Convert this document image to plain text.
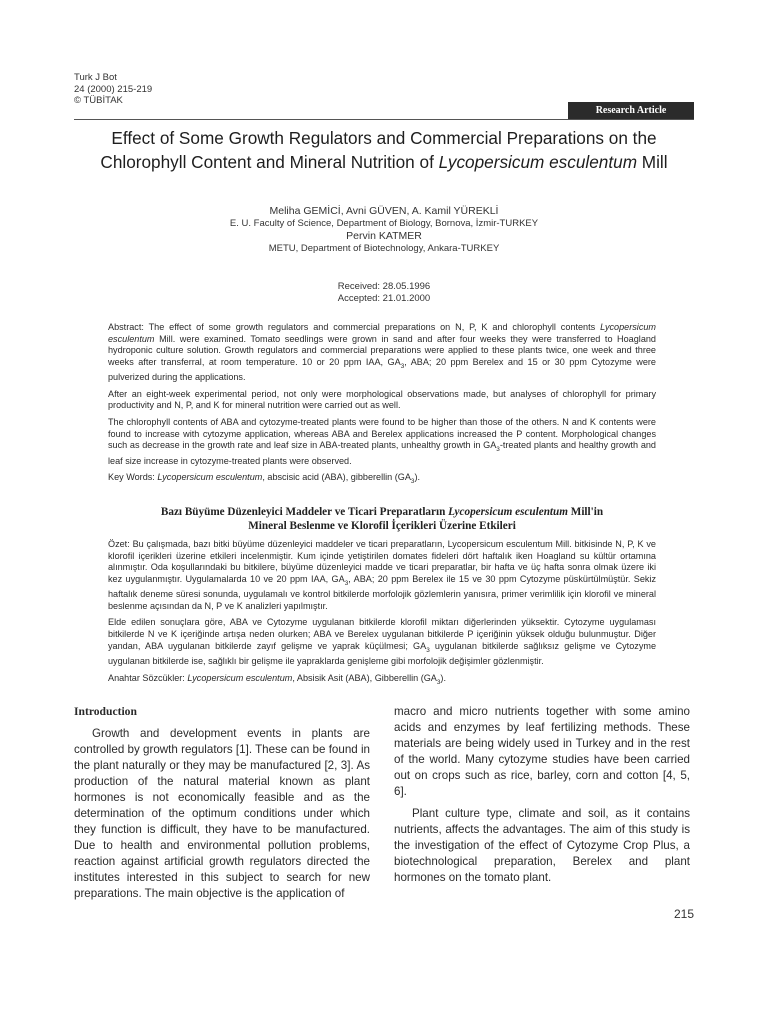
Turk J Bot
24 (2000) 215-219
© TÜBİTAK
Research Article
Effect of Some Growth Regulators and Commercial Preparations on the
Chlorophyll Content and Mineral Nutrition of Lycopersicum esculentum Mill
Meliha GEMİCİ, Avni GÜVEN, A. Kamil YÜREKLİ
E. U. Faculty of Science, Department of Biology, Bornova, İzmir-TURKEY
Pervin KATMER
METU, Department of Biotechnology, Ankara-TURKEY
Received: 28.05.1996
Accepted: 21.01.2000

Abstract: The effect of some growth regulators and commercial preparations on N, P, K and chlorophyll contents Lycopersicum esculentum Mill. were examined. Tomato seedlings were grown in sand and after four weeks they were transferred to Hoagland hydroponic culture solution. Growth regulators and commercial preparations were applied to these plants twice, one week and three weeks after transferral, at room temperature. 10 or 20 ppm IAA, $GA_3$, ABA; 20 ppm Berelex and 15 or 30 ppm Cytozyme were pulverized during the applications.

After an eight-week experimental period, not only were morphological observations made, but analyses of chlorophyll for primary productivity and N, P, and K for mineral nutrition were carried out as well.

The chlorophyll contents of ABA and cytozyme-treated plants were found to be higher than those of the others. N and K contents were found to increase with cytozyme application, whereas ABA and Berelex applications increased the P content. Morphological changes such as decrease in the growth rate and leaf size in ABA-treated plants, unhealthy growth in $GA_3$-treated plants and healthy growth and leaf size increase in cytozyme-treated plants were observed.

Key Words: Lycopersicum esculentum, abscisic acid (ABA), gibberellin $(GA_3)$.

Bazı Büyüme Düzenleyici Maddeler ve Ticari Preparatların Lycopersicum esculentum Mill'in
Mineral Beslenme ve Klorofil İçerikleri Üzerine Etkileri

Özet: Bu çalışmada, bazı bitki büyüme düzenleyici maddeler ve ticari preparatların, Lycopersicum esculentum Mill. bitkisinde N, P, K ve klorofil içerikleri üzerine etkileri incelenmiştir. Kum içinde yetiştirilen domates fideleri dört haftalık iken Hoagland su kültür ortamına alınmıştır. Oda koşullarındaki bu bitkilere, büyüme düzenleyici madde ve ticari preparatlar, bir hafta ve üç hafta sonra olmak üzere iki kez uygulanmıştır. Uygulamalarda 10 ve 20 ppm IAA, $GA_3$, ABA; 20 ppm Berelex ile 15 ve 30 ppm Cytozyme püskürtülmüştür. Sekiz haftalık deneme süresi sonunda, uygulamalı ve kontrol bitkilerde morfolojik gözlemlerin yanısıra, primer verimlilik için klorofil ve mineral beslenme açısından da N, P ve K analizleri yapılmıştır.

Elde edilen sonuçlara göre, ABA ve Cytozyme uygulanan bitkilerde klorofil miktarı diğerlerinden yüksektir. Cytozyme uygulaması bitkilerde N ve K içeriğinde artışa neden olurken; ABA ve Berelex uygulanan bitkilerde P içeriğinin yüksek olduğu bulunmuştur. Diğer yandan, ABA uygulanan bitkilerde zayıf gelişme ve yaprak küçülmesi; $GA_3$ uygulanan bitkilerde sağlıksız gelişme ve Cytozyme uygulanan bitkilerde ise, sağlıklı bir gelişme ile yapraklarda genişleme gibi morfolojik değişimler gözlenmiştir.

Anahtar Sözcükler: Lycopersicum esculentum, Absisik Asit (ABA), Gibberellin $(GA_3)$.

Introduction

Growth and development events in plants are controlled by growth regulators [1]. These can be found in the plant naturally or they may be manufactured [2, 3]. As production of the natural material known as plant hormones is not economically feasible and as the determination of the optimum conditions under which they function is difficult, they have to be manufactured. Due to health and environmental pollution problems, reaction against artificial growth regulators directed the institutes interested in this subject to search for new preparations. The main objective is the application of

macro and micro nutrients together with some amino acids and enzymes by leaf fertilizing methods. These materials are being widely used in Turkey and in the rest of the world. Many cytozyme studies have been carried out on crops such as rice, barley, corn and cotton [4, 5, 6].

Plant culture type, climate and soil, as it contains nutrients, affects the advantages. The aim of this study is the investigation of the effect of Cytozyme Crop Plus, a biotechnological preparation, Berelex and plant hormones on the tomato plant.

215
